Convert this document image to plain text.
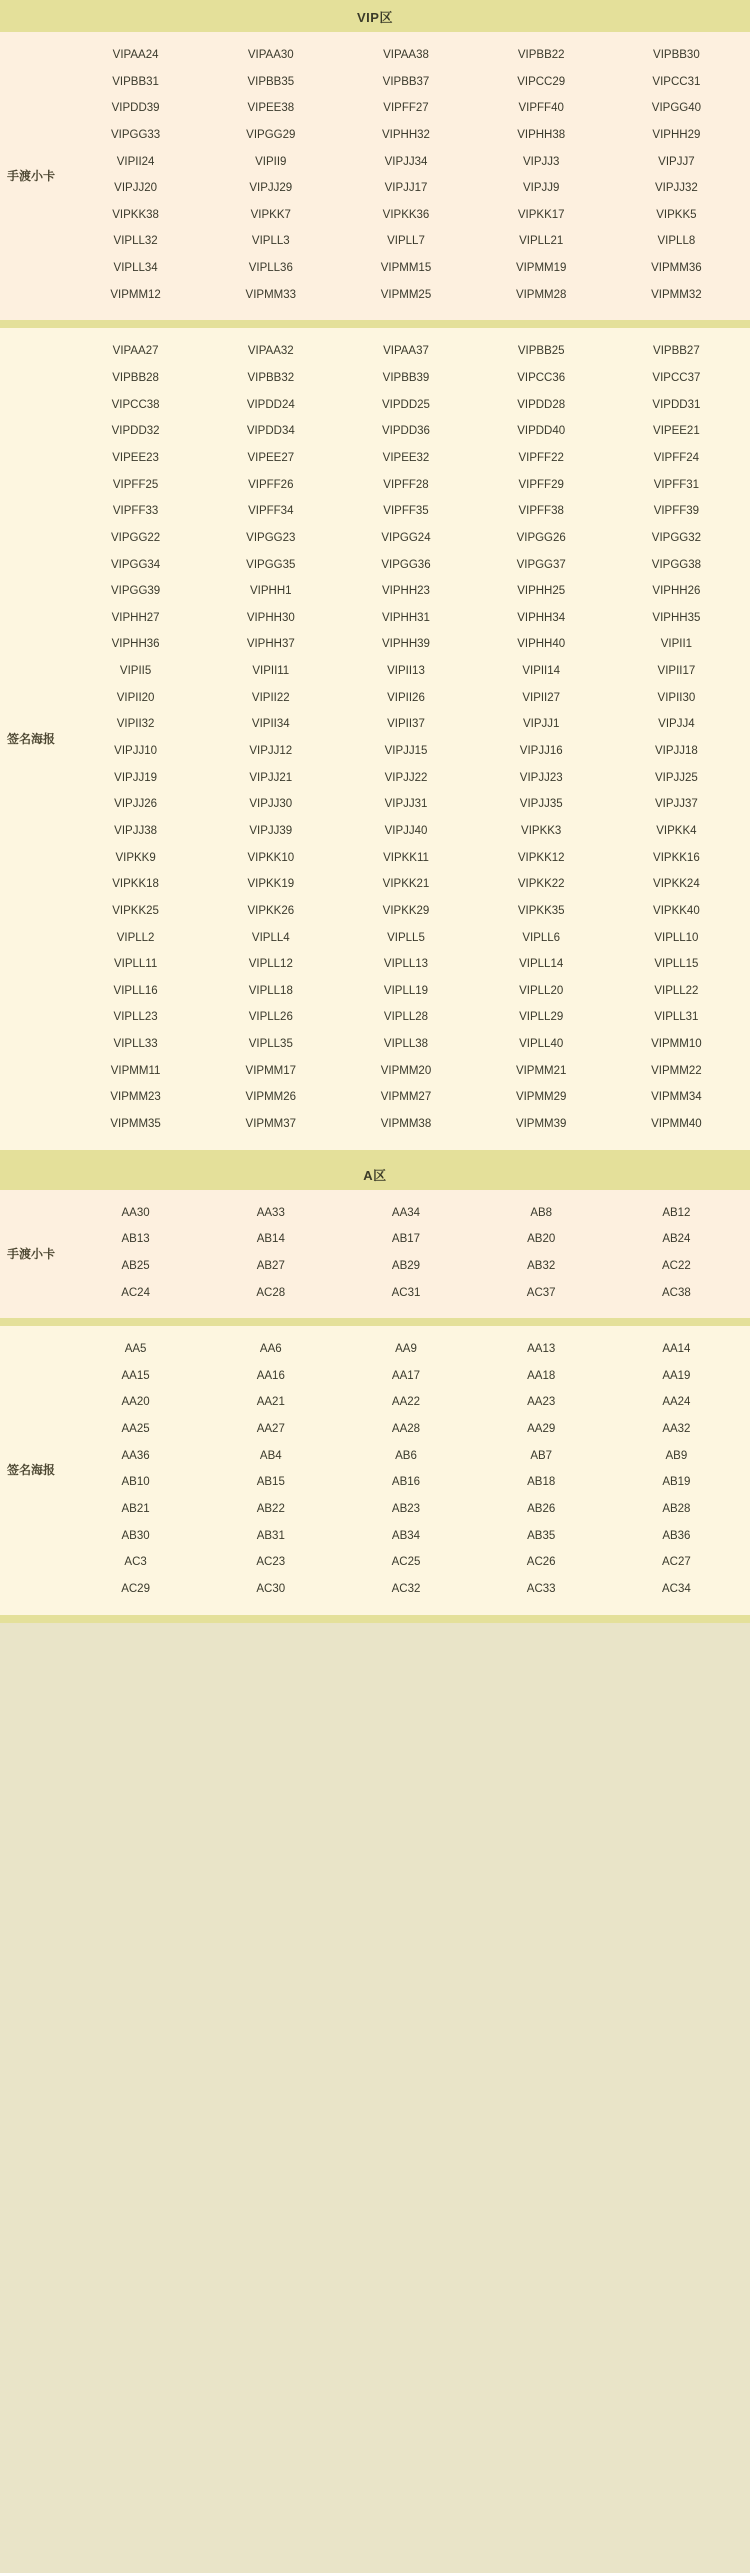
VIP区
手渡小卡
VIPAA24	VIPAA30	VIPAA38	VIPBB22	VIPBB30
VIPBB31	VIPBB35	VIPBB37	VIPCC29	VIPCC31
VIPDD39	VIPEE38	VIPFF27	VIPFF40	VIPGG40
VIPGG33	VIPGG29	VIPHH32	VIPHH38	VIPHH29
VIPII24	VIPII9	VIPJJ34	VIPJJ3	VIPJJ7
VIPJJ20	VIPJJ29	VIPJJ17	VIPJJ9	VIPJJ32
VIPKK38	VIPKK7	VIPKK36	VIPKK17	VIPKK5
VIPLL32	VIPLL3	VIPLL7	VIPLL21	VIPLL8
VIPLL34	VIPLL36	VIPMM15	VIPMM19	VIPMM36
VIPMM12	VIPMM33	VIPMM25	VIPMM28	VIPMM32
签名海报
VIPAA27	VIPAA32	VIPAA37	VIPBB25	VIPBB27
VIPBB28	VIPBB32	VIPBB39	VIPCC36	VIPCC37
VIPCC38	VIPDD24	VIPDD25	VIPDD28	VIPDD31
VIPDD32	VIPDD34	VIPDD36	VIPDD40	VIPEE21
VIPEE23	VIPEE27	VIPEE32	VIPFF22	VIPFF24
VIPFF25	VIPFF26	VIPFF28	VIPFF29	VIPFF31
VIPFF33	VIPFF34	VIPFF35	VIPFF38	VIPFF39
VIPGG22	VIPGG23	VIPGG24	VIPGG26	VIPGG32
VIPGG34	VIPGG35	VIPGG36	VIPGG37	VIPGG38
VIPGG39	VIPHH1	VIPHH23	VIPHH25	VIPHH26
VIPHH27	VIPHH30	VIPHH31	VIPHH34	VIPHH35
VIPHH36	VIPHH37	VIPHH39	VIPHH40	VIPII1
VIPII5	VIPII11	VIPII13	VIPII14	VIPII17
VIPII20	VIPII22	VIPII26	VIPII27	VIPII30
VIPII32	VIPII34	VIPII37	VIPJJ1	VIPJJ4
VIPJJ10	VIPJJ12	VIPJJ15	VIPJJ16	VIPJJ18
VIPJJ19	VIPJJ21	VIPJJ22	VIPJJ23	VIPJJ25
VIPJJ26	VIPJJ30	VIPJJ31	VIPJJ35	VIPJJ37
VIPJJ38	VIPJJ39	VIPJJ40	VIPKK3	VIPKK4
VIPKK9	VIPKK10	VIPKK11	VIPKK12	VIPKK16
VIPKK18	VIPKK19	VIPKK21	VIPKK22	VIPKK24
VIPKK25	VIPKK26	VIPKK29	VIPKK35	VIPKK40
VIPLL2	VIPLL4	VIPLL5	VIPLL6	VIPLL10
VIPLL11	VIPLL12	VIPLL13	VIPLL14	VIPLL15
VIPLL16	VIPLL18	VIPLL19	VIPLL20	VIPLL22
VIPLL23	VIPLL26	VIPLL28	VIPLL29	VIPLL31
VIPLL33	VIPLL35	VIPLL38	VIPLL40	VIPMM10
VIPMM11	VIPMM17	VIPMM20	VIPMM21	VIPMM22
VIPMM23	VIPMM26	VIPMM27	VIPMM29	VIPMM34
VIPMM35	VIPMM37	VIPMM38	VIPMM39	VIPMM40
A区
手渡小卡
AA30	AA33	AA34	AB8	AB12
AB13	AB14	AB17	AB20	AB24
AB25	AB27	AB29	AB32	AC22
AC24	AC28	AC31	AC37	AC38
签名海报
AA5	AA6	AA9	AA13	AA14
AA15	AA16	AA17	AA18	AA19
AA20	AA21	AA22	AA23	AA24
AA25	AA27	AA28	AA29	AA32
AA36	AB4	AB6	AB7	AB9
AB10	AB15	AB16	AB18	AB19
AB21	AB22	AB23	AB26	AB28
AB30	AB31	AB34	AB35	AB36
AC3	AC23	AC25	AC26	AC27
AC29	AC30	AC32	AC33	AC34
